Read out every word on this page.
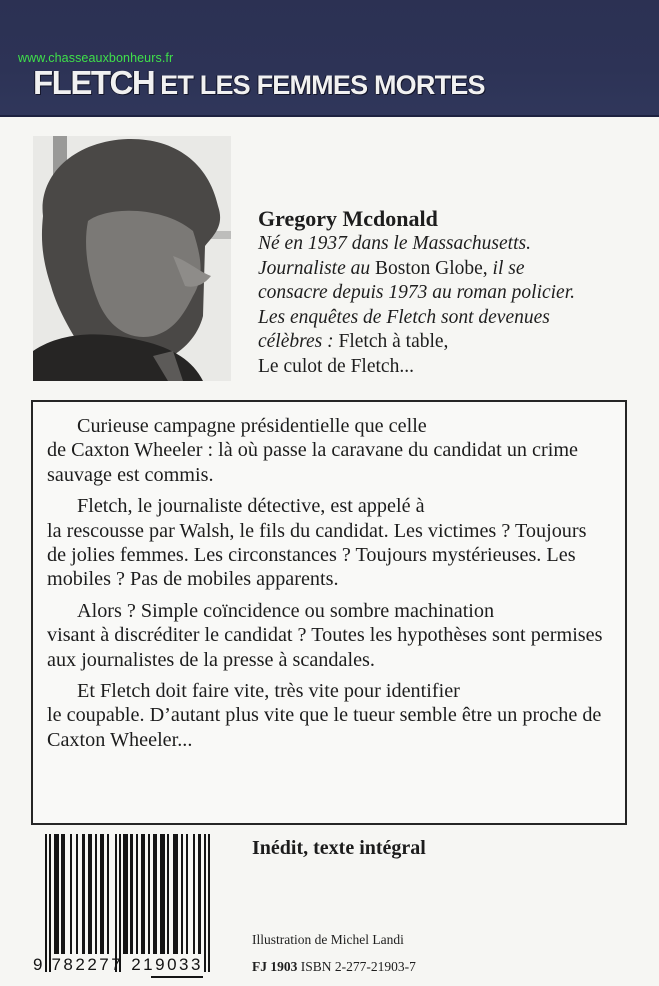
www.chasseauxbonheurs.fr
FLETCH ET LES FEMMES MORTES
Gregory Mcdonald
Né en 1937 dans le Massachusetts.
Journaliste au Boston Globe, il se
consacre depuis 1973 au roman policier.
Les enquêtes de Fletch sont devenues
célèbres : Fletch à table,
Le culot de Fletch...

Curieuse campagne présidentielle que celle
de Caxton Wheeler : là où passe la caravane du candidat un crime sauvage est commis.

Fletch, le journaliste détective, est appelé à
la rescousse par Walsh, le fils du candidat. Les victimes ? Toujours de jolies femmes. Les circonstances ? Toujours mystérieuses. Les mobiles ? Pas de mobiles apparents.

Alors ? Simple coïncidence ou sombre machination
visant à discréditer le candidat ? Toutes les hypothèses sont permises aux journalistes de la presse à scandales.

Et Fletch doit faire vite, très vite pour identifier
le coupable. D’autant plus vite que le tueur semble être un proche de Caxton Wheeler...

9 782277 219033
Inédit, texte intégral
Illustration de Michel Landi
FJ 1903 ISBN 2-277-21903-7
